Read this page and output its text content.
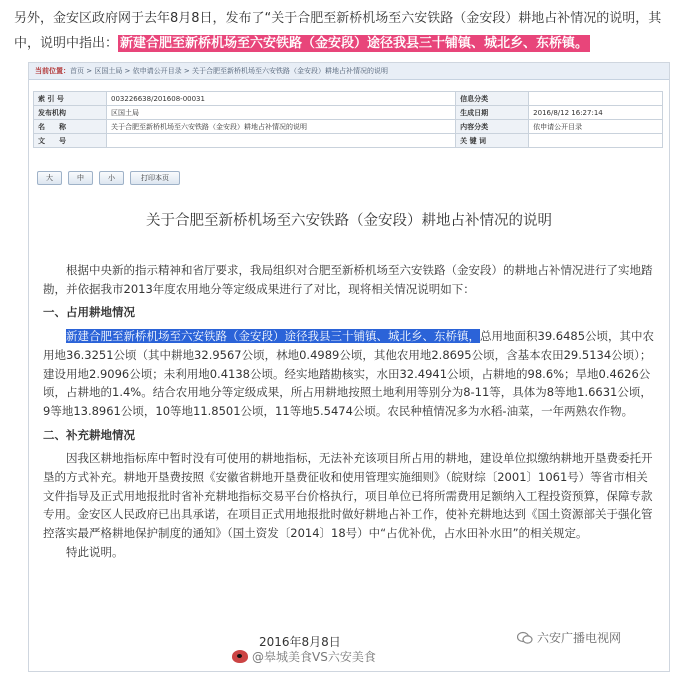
另外，金安区政府网于去年8月8日，发布了“关于合肥至新桥机场至六安铁路（金安段）耕地占补情况的说明，其中，说明中指出： 新建合肥至新桥机场至六安铁路（金安段）途径我县三十铺镇、城北乡、东桥镇。
当前位置：首页 > 区国土局 > 依申请公开目录 > 关于合肥至新桥机场至六安铁路（金安段）耕地占补情况的说明
索 引 号	003226638/201608-00031	信息分类	
发布机构	区国土局	生成日期	2016/8/12 16:27:14
名　　称	关于合肥至新桥机场至六安铁路（金安段）耕地占补情况的说明	内容分类	依申请公开目录
文　　号		关 键 词	
大	中	小	打印本页
关于合肥至新桥机场至六安铁路（金安段）耕地占补情况的说明

根据中央新的指示精神和省厅要求，我局组织对合肥至新桥机场至六安铁路（金安段）的耕地占补情况进行了实地踏勘，并依据我市2013年度农用地分等定级成果进行了对比，现将相关情况说明如下：

一、占用耕地情况

新建合肥至新桥机场至六安铁路（金安段）途径我县三十铺镇、城北乡、东桥镇，总用地面积39.6485公顷，其中农用地36.3251公顷（其中耕地32.9567公顷，林地0.4989公顷，其他农用地2.8695公顷，含基本农田29.5134公顷）；建设用地2.9096公顷；未利用地0.4138公顷。经实地踏勘核实，水田32.4941公顷，占耕地的98.6%；旱地0.4626公顷，占耕地的1.4%。结合农用地分等定级成果，所占用耕地按照土地利用等别分为8-11等，具体为8等地1.6631公顷，9等地13.8961公顷，10等地11.8501公顷，11等地5.5474公顷。农民种植情况多为水稻-油菜，一年两熟农作物。

二、补充耕地情况

因我区耕地指标库中暂时没有可使用的耕地指标，无法补充该项目所占用的耕地，建设单位拟缴纳耕地开垦费委托开垦的方式补充。耕地开垦费按照《安徽省耕地开垦费征收和使用管理实施细则》（皖财综〔2001〕1061号）等省市相关文件指导及正式用地报批时省补充耕地指标交易平台价格执行，项目单位已将所需费用足额纳入工程投资预算，保障专款专用。金安区人民政府已出具承诺，在项目正式用地报批时做好耕地占补工作，使补充耕地达到《国土资源部关于强化管控落实最严格耕地保护制度的通知》（国土资发〔2014〕18号）中“占优补优，占水田补水田”的相关规定。

特此说明。

2016年8月8日	六安广播电视网
@皋城美食VS六安美食
